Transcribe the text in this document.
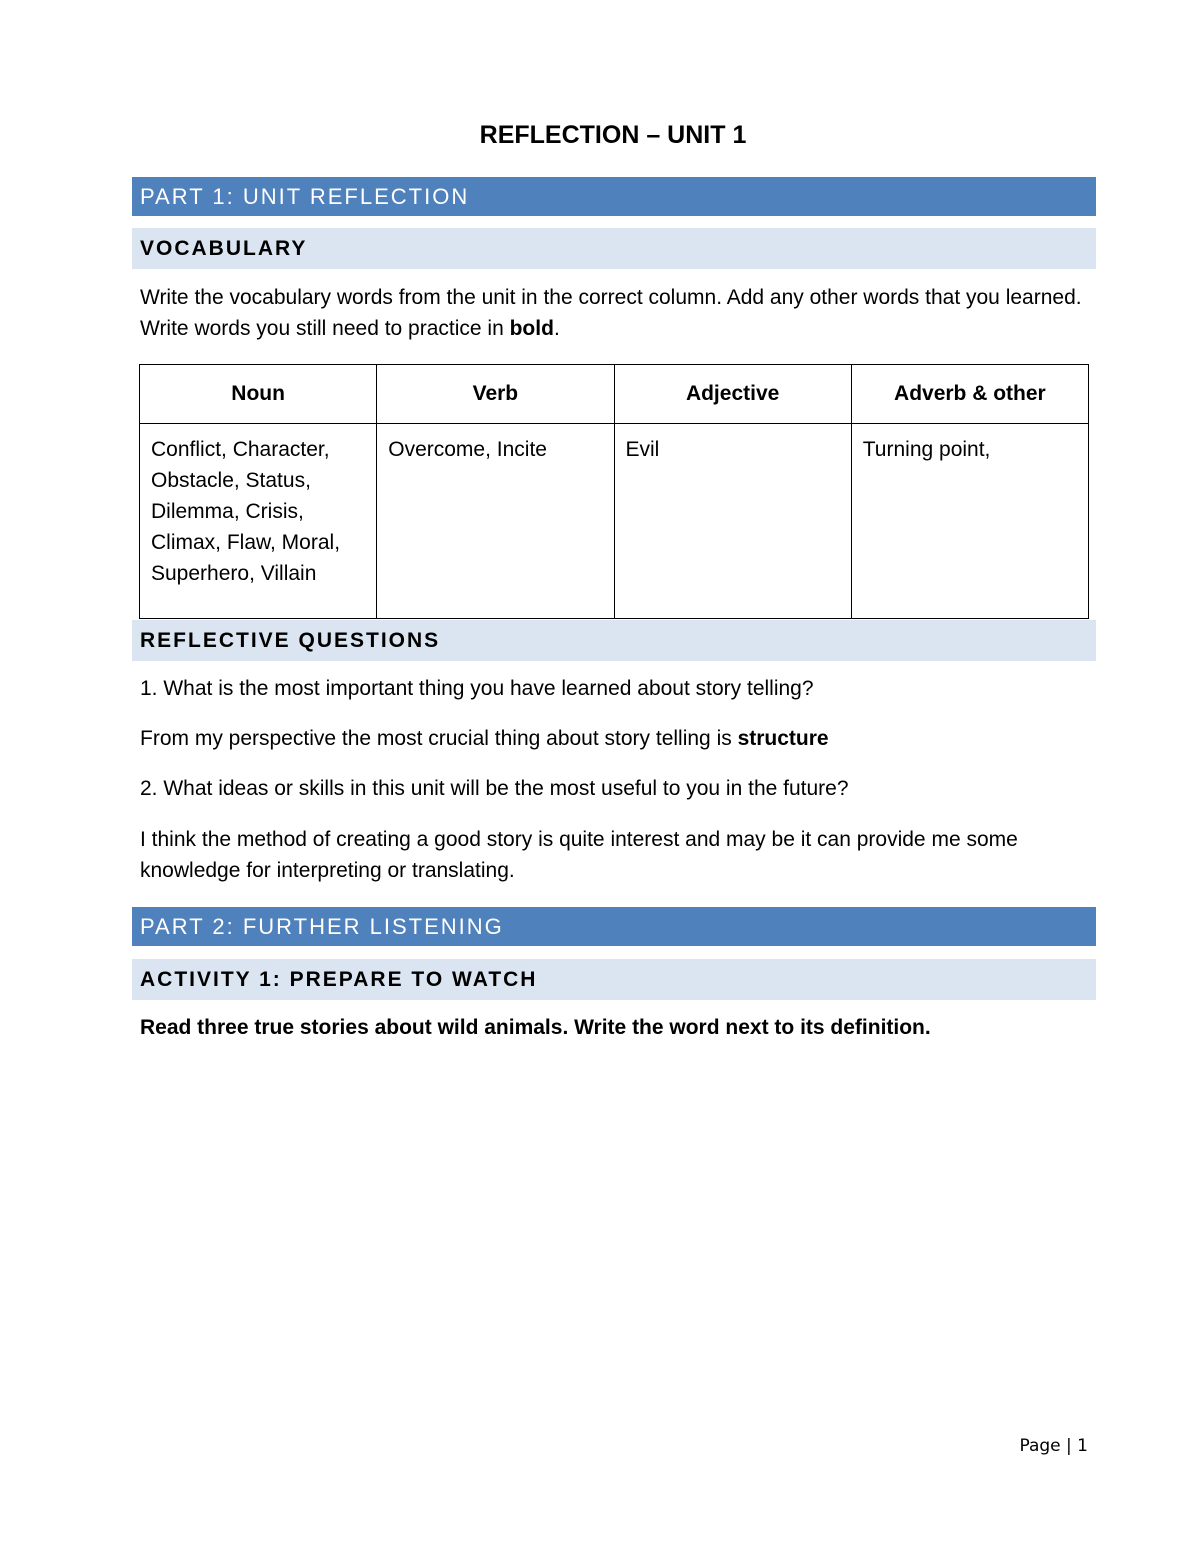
REFLECTION – UNIT 1
PART 1: UNIT REFLECTION
VOCABULARY
Write the vocabulary words from the unit in the correct column. Add any other words that you learned. Write words you still need to practice in bold.
Noun	Verb	Adjective	Adverb & other
Conflict, Character, Obstacle, Status, Dilemma, Crisis, Climax, Flaw, Moral, Superhero, Villain	Overcome, Incite	Evil	Turning point,
REFLECTIVE QUESTIONS
1. What is the most important thing you have learned about story telling?
From my perspective the most crucial thing about story telling is structure
2. What ideas or skills in this unit will be the most useful to you in the future?
I think the method of creating a good story is quite interest and may be it can provide me some knowledge for interpreting or translating.
PART 2: FURTHER LISTENING
ACTIVITY 1: PREPARE TO WATCH
Read three true stories about wild animals. Write the word next to its definition.
Page | 1
